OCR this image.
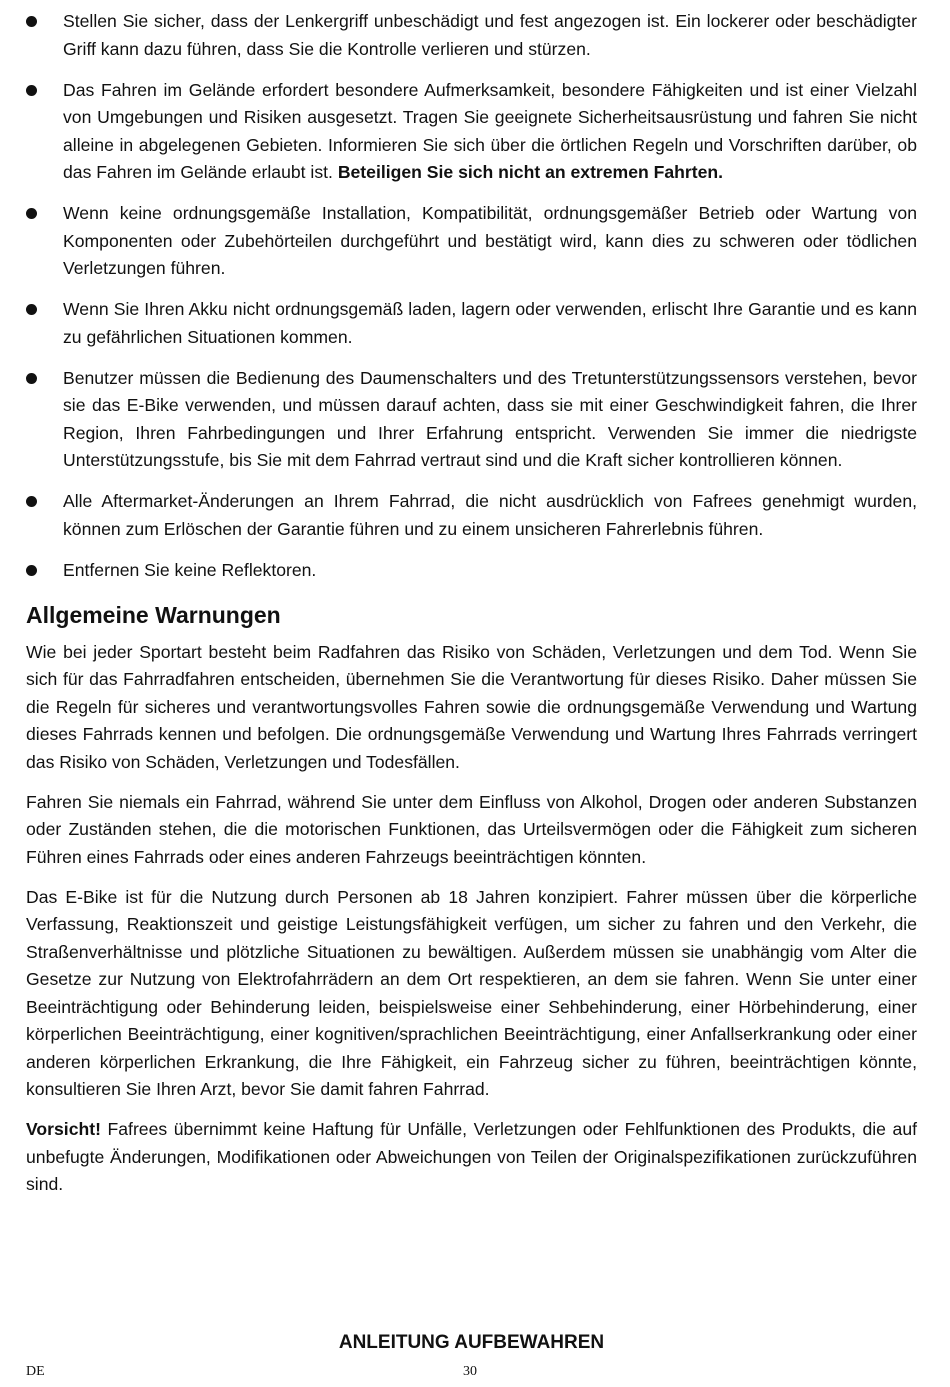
Stellen Sie sicher, dass der Lenkergriff unbeschädigt und fest angezogen ist. Ein lockerer oder beschädigter Griff kann dazu führen, dass Sie die Kontrolle verlieren und stürzen.
Das Fahren im Gelände erfordert besondere Aufmerksamkeit, besondere Fähigkeiten und ist einer Vielzahl von Umgebungen und Risiken ausgesetzt. Tragen Sie geeignete Sicherheitsausrüstung und fahren Sie nicht alleine in abgelegenen Gebieten. Informieren Sie sich über die örtlichen Regeln und Vorschriften darüber, ob das Fahren im Gelände erlaubt ist. Beteiligen Sie sich nicht an extremen Fahrten.
Wenn keine ordnungsgemäße Installation, Kompatibilität, ordnungsgemäßer Betrieb oder Wartung von Komponenten oder Zubehörteilen durchgeführt und bestätigt wird, kann dies zu schweren oder tödlichen Verletzungen führen.
Wenn Sie Ihren Akku nicht ordnungsgemäß laden, lagern oder verwenden, erlischt Ihre Garantie und es kann zu gefährlichen Situationen kommen.
Benutzer müssen die Bedienung des Daumenschalters und des Tretunterstützungssensors verstehen, bevor sie das E-Bike verwenden, und müssen darauf achten, dass sie mit einer Geschwindigkeit fahren, die Ihrer Region, Ihren Fahrbedingungen und Ihrer Erfahrung entspricht. Verwenden Sie immer die niedrigste Unterstützungsstufe, bis Sie mit dem Fahrrad vertraut sind und die Kraft sicher kontrollieren können.
Alle Aftermarket-Änderungen an Ihrem Fahrrad, die nicht ausdrücklich von Fafrees genehmigt wurden, können zum Erlöschen der Garantie führen und zu einem unsicheren Fahrerlebnis führen.
Entfernen Sie keine Reflektoren.
Allgemeine Warnungen

Wie bei jeder Sportart besteht beim Radfahren das Risiko von Schäden, Verletzungen und dem Tod. Wenn Sie sich für das Fahrradfahren entscheiden, übernehmen Sie die Verantwortung für dieses Risiko. Daher müssen Sie die Regeln für sicheres und verantwortungsvolles Fahren sowie die ordnungsgemäße Verwendung und Wartung dieses Fahrrads kennen und befolgen. Die ordnungsgemäße Verwendung und Wartung Ihres Fahrrads verringert das Risiko von Schäden, Verletzungen und Todesfällen.

Fahren Sie niemals ein Fahrrad, während Sie unter dem Einfluss von Alkohol, Drogen oder anderen Substanzen oder Zuständen stehen, die die motorischen Funktionen, das Urteilsvermögen oder die Fähigkeit zum sicheren Führen eines Fahrrads oder eines anderen Fahrzeugs beeinträchtigen könnten.

Das E-Bike ist für die Nutzung durch Personen ab 18 Jahren konzipiert. Fahrer müssen über die körperliche Verfassung, Reaktionszeit und geistige Leistungsfähigkeit verfügen, um sicher zu fahren und den Verkehr, die Straßenverhältnisse und plötzliche Situationen zu bewältigen. Außerdem müssen sie unabhängig vom Alter die Gesetze zur Nutzung von Elektrofahrrädern an dem Ort respektieren, an dem sie fahren. Wenn Sie unter einer Beeinträchtigung oder Behinderung leiden, beispielsweise einer Sehbehinderung, einer Hörbehinderung, einer körperlichen Beeinträchtigung, einer kognitiven/sprachlichen Beeinträchtigung, einer Anfallserkrankung oder einer anderen körperlichen Erkrankung, die Ihre Fähigkeit, ein Fahrzeug sicher zu führen, beeinträchtigen könnte, konsultieren Sie Ihren Arzt, bevor Sie damit fahren Fahrrad.

Vorsicht! Fafrees übernimmt keine Haftung für Unfälle, Verletzungen oder Fehlfunktionen des Produkts, die auf unbefugte Änderungen, Modifikationen oder Abweichungen von Teilen der Originalspezifikationen zurückzuführen sind.

ANLEITUNG AUFBEWAHREN
DE	30
